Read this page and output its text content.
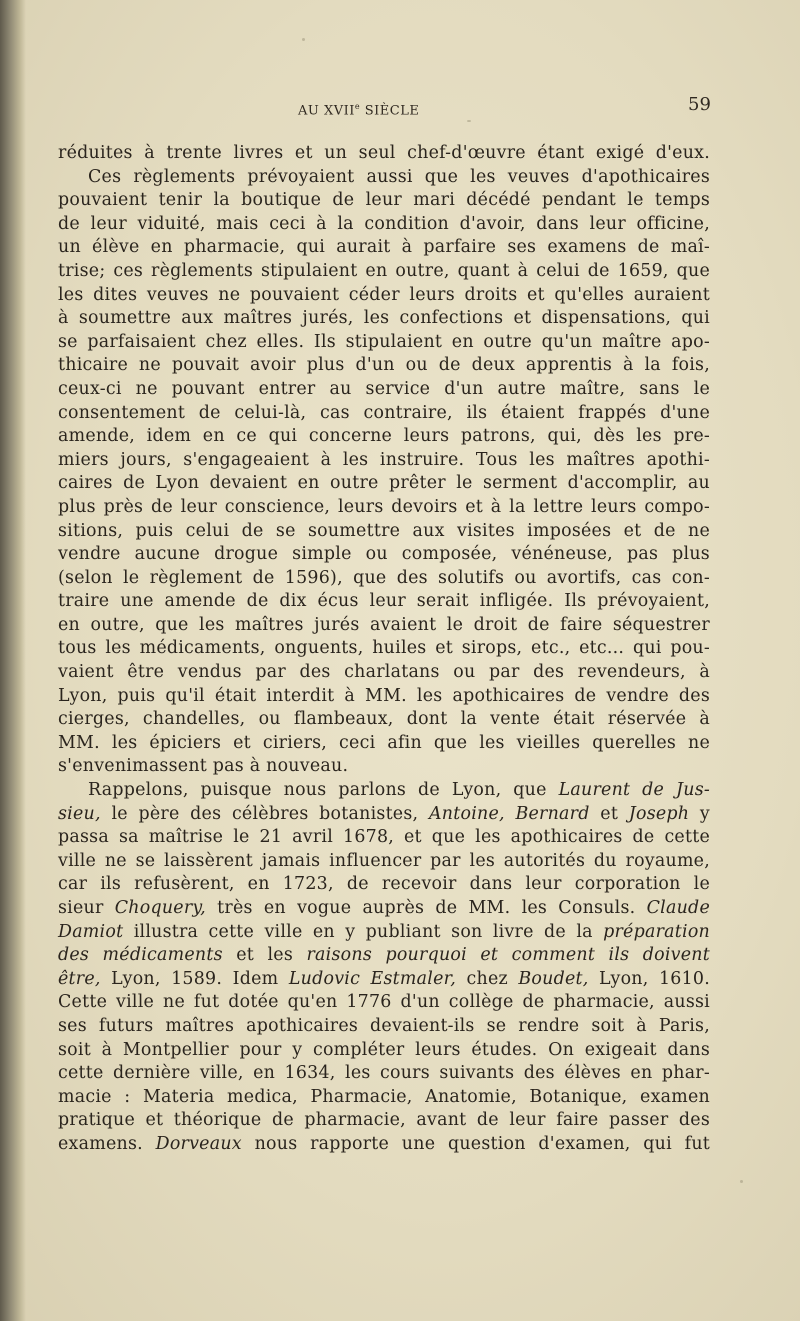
AU XVIIe SIÈCLE	59
réduites à trente livres et un seul chef-d'œuvre étant exigé d'eux.
Ces règlements prévoyaient aussi que les veuves d'apothicaires
pouvaient tenir la boutique de leur mari décédé pendant le temps
de leur viduité, mais ceci à la condition d'avoir, dans leur officine,
un élève en pharmacie, qui aurait à parfaire ses examens de maî-
trise; ces règlements stipulaient en outre, quant à celui de 1659, que
les dites veuves ne pouvaient céder leurs droits et qu'elles auraient
à soumettre aux maîtres jurés, les confections et dispensations, qui
se parfaisaient chez elles. Ils stipulaient en outre qu'un maître apo-
thicaire ne pouvait avoir plus d'un ou de deux apprentis à la fois,
ceux-ci ne pouvant entrer au service d'un autre maître, sans le
consentement de celui-là, cas contraire, ils étaient frappés d'une
amende, idem en ce qui concerne leurs patrons, qui, dès les pre-
miers jours, s'engageaient à les instruire. Tous les maîtres apothi-
caires de Lyon devaient en outre prêter le serment d'accomplir, au
plus près de leur conscience, leurs devoirs et à la lettre leurs compo-
sitions, puis celui de se soumettre aux visites imposées et de ne
vendre aucune drogue simple ou composée, vénéneuse, pas plus
(selon le règlement de 1596), que des solutifs ou avortifs, cas con-
traire une amende de dix écus leur serait infligée. Ils prévoyaient,
en outre, que les maîtres jurés avaient le droit de faire séquestrer
tous les médicaments, onguents, huiles et sirops, etc., etc... qui pou-
vaient être vendus par des charlatans ou par des revendeurs, à
Lyon, puis qu'il était interdit à MM. les apothicaires de vendre des
cierges, chandelles, ou flambeaux, dont la vente était réservée à
MM. les épiciers et ciriers, ceci afin que les vieilles querelles ne
s'envenimassent pas à nouveau.
Rappelons, puisque nous parlons de Lyon, que Laurent de Jus-
sieu, le père des célèbres botanistes, Antoine, Bernard et Joseph y
passa sa maîtrise le 21 avril 1678, et que les apothicaires de cette
ville ne se laissèrent jamais influencer par les autorités du royaume,
car ils refusèrent, en 1723, de recevoir dans leur corporation le
sieur Choquery, très en vogue auprès de MM. les Consuls. Claude
Damiot illustra cette ville en y publiant son livre de la préparation
des médicaments et les raisons pourquoi et comment ils doivent
être, Lyon, 1589. Idem Ludovic Estmaler, chez Boudet, Lyon, 1610.
Cette ville ne fut dotée qu'en 1776 d'un collège de pharmacie, aussi
ses futurs maîtres apothicaires devaient-ils se rendre soit à Paris,
soit à Montpellier pour y compléter leurs études. On exigeait dans
cette dernière ville, en 1634, les cours suivants des élèves en phar-
macie : Materia medica, Pharmacie, Anatomie, Botanique, examen
pratique et théorique de pharmacie, avant de leur faire passer des
examens. Dorveaux nous rapporte une question d'examen, qui fut
